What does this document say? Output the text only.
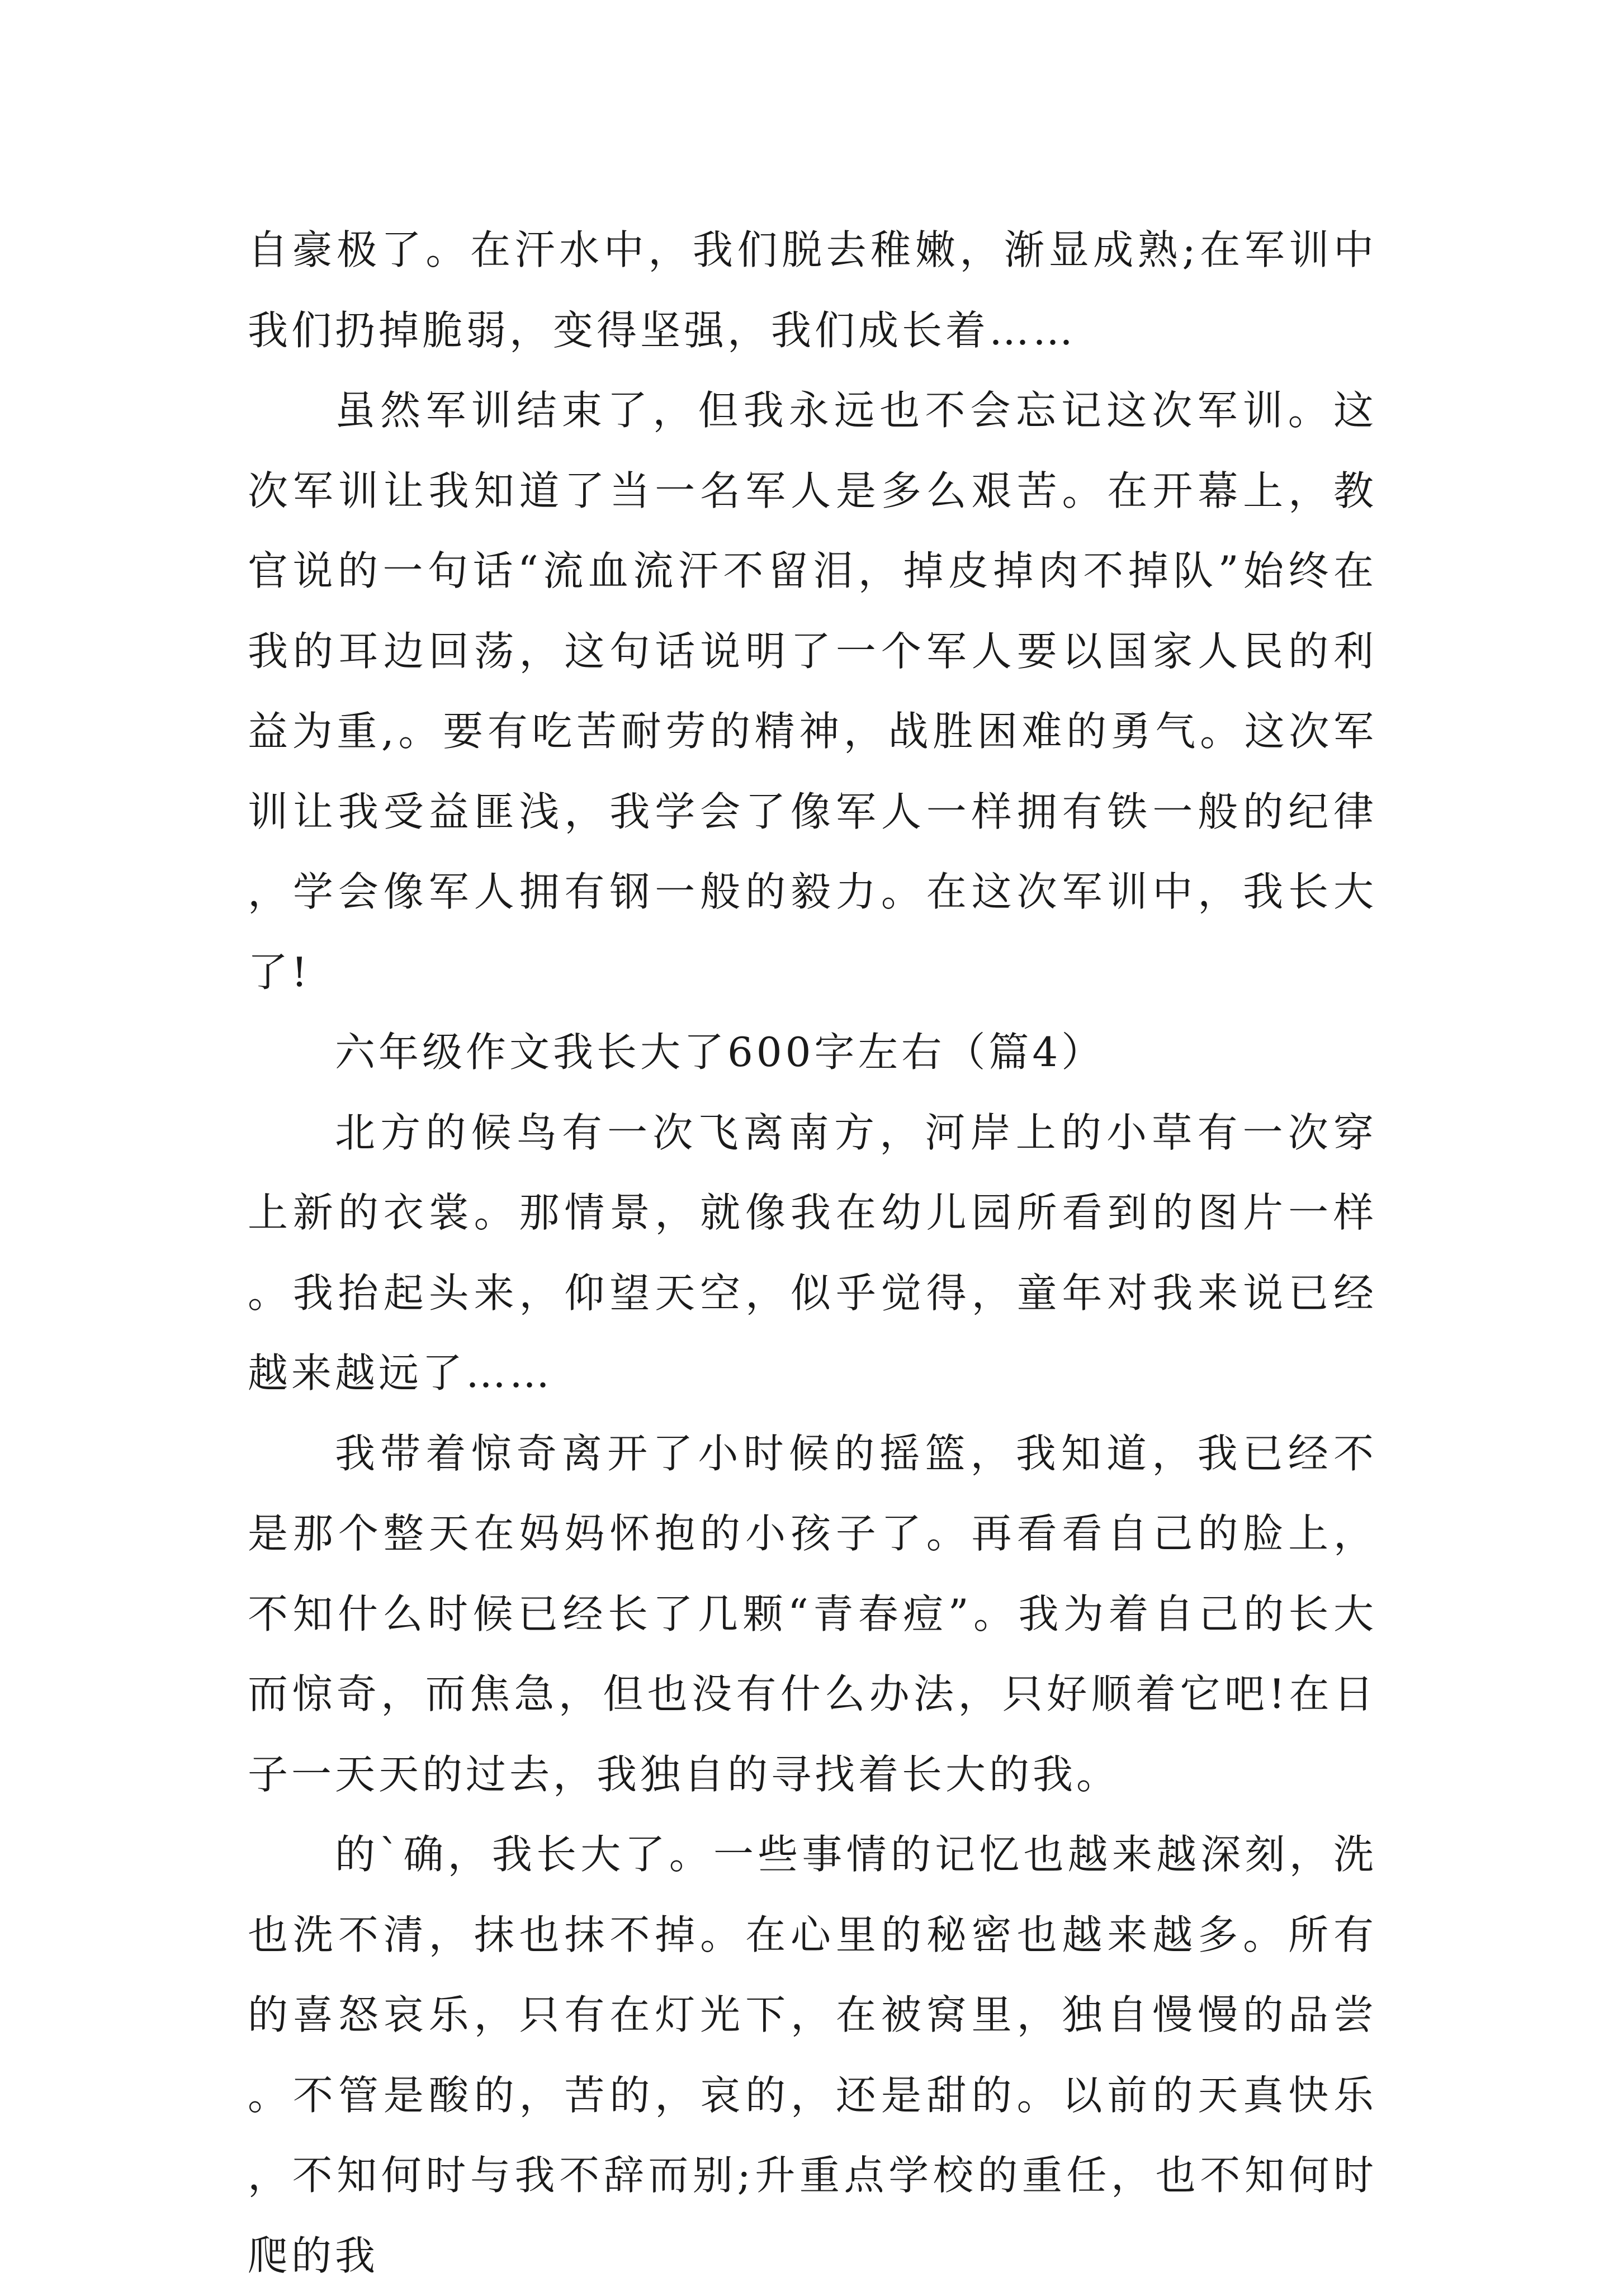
自豪极了。在汗水中，我们脱去稚嫩，渐显成熟;在军训中我们扔掉脆弱，变得坚强，我们成长着……

虽然军训结束了，但我永远也不会忘记这次军训。这次军训让我知道了当一名军人是多么艰苦。在开幕上，教官说的一句话“流血流汗不留泪，掉皮掉肉不掉队”始终在我的耳边回荡，这句话说明了一个军人要以国家人民的利益为重,。要有吃苦耐劳的精神，战胜困难的勇气。这次军训让我受益匪浅，我学会了像军人一样拥有铁一般的纪律，学会像军人拥有钢一般的毅力。在这次军训中，我长大了!

六年级作文我长大了600字左右（篇4）

北方的候鸟有一次飞离南方，河岸上的小草有一次穿上新的衣裳。那情景，就像我在幼儿园所看到的图片一样。我抬起头来，仰望天空，似乎觉得，童年对我来说已经越来越远了……

我带着惊奇离开了小时候的摇篮，我知道，我已经不是那个整天在妈妈怀抱的小孩子了。再看看自己的脸上，不知什么时候已经长了几颗“青春痘”。我为着自己的长大而惊奇，而焦急，但也没有什么办法，只好顺着它吧!在日子一天天的过去，我独自的寻找着长大的我。

的`确，我长大了。一些事情的记忆也越来越深刻，洗也洗不清，抹也抹不掉。在心里的秘密也越来越多。所有的喜怒哀乐，只有在灯光下，在被窝里，独自慢慢的品尝。不管是酸的，苦的，哀的，还是甜的。以前的天真快乐，不知何时与我不辞而别;升重点学校的重任，也不知何时爬的我
